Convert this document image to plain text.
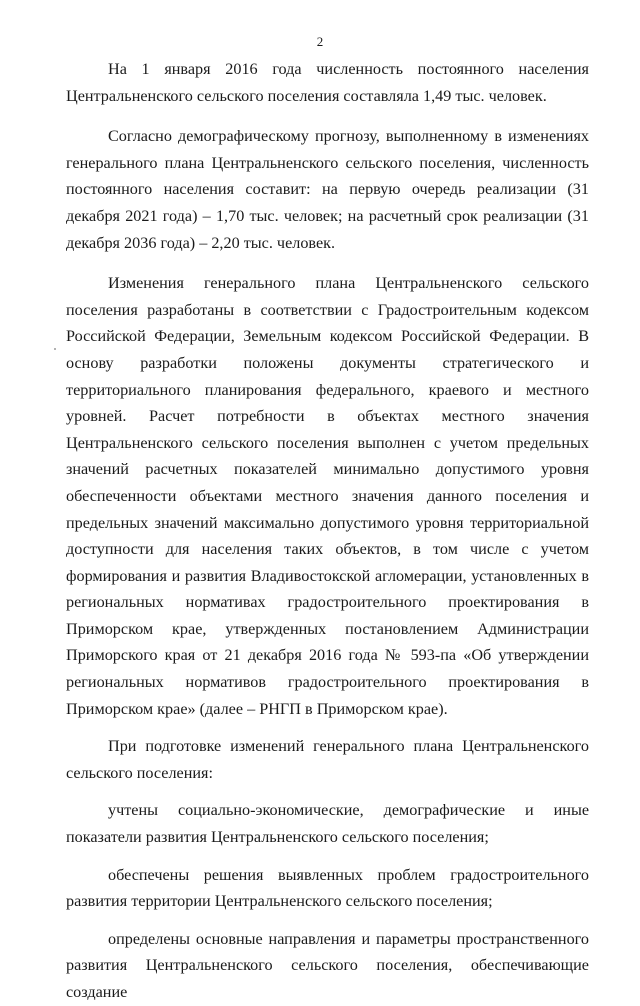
2

На 1 января 2016 года численность постоянного населения Центральненского сельского поселения составляла 1,49 тыс. человек.

Согласно демографическому прогнозу, выполненному в изменениях генерального плана Центральненского сельского поселения, численность постоянного населения составит: на первую очередь реализации (31 декабря 2021 года) – 1,70 тыс. человек; на расчетный срок реализации (31 декабря 2036 года) – 2,20 тыс. человек.

Изменения генерального плана Центральненского сельского поселения разработаны в соответствии с Градостроительным кодексом Российской Федерации, Земельным кодексом Российской Федерации. В основу разработки положены документы стратегического и территориального планирования федерального, краевого и местного уровней. Расчет потребности в объектах местного значения Центральненского сельского поселения выполнен с учетом предельных значений расчетных показателей минимально допустимого уровня обеспеченности объектами местного значения данного поселения и предельных значений максимально допустимого уровня территориальной доступности для населения таких объектов, в том числе с учетом формирования и развития Владивостокской агломерации, установленных в региональных нормативах градостроительного проектирования в Приморском крае, утвержденных постановлением Администрации Приморского края от 21 декабря 2016 года № 593-па «Об утверждении региональных нормативов градостроительного проектирования в Приморском крае» (далее – РНГП в Приморском крае).

При подготовке изменений генерального плана Центральненского сельского поселения:

учтены социально-экономические, демографические и иные показатели развития Центральненского сельского поселения;

обеспечены решения выявленных проблем градостроительного развития территории Центральненского сельского поселения;

определены основные направления и параметры пространственного развития Центральненского сельского поселения, обеспечивающие создание
